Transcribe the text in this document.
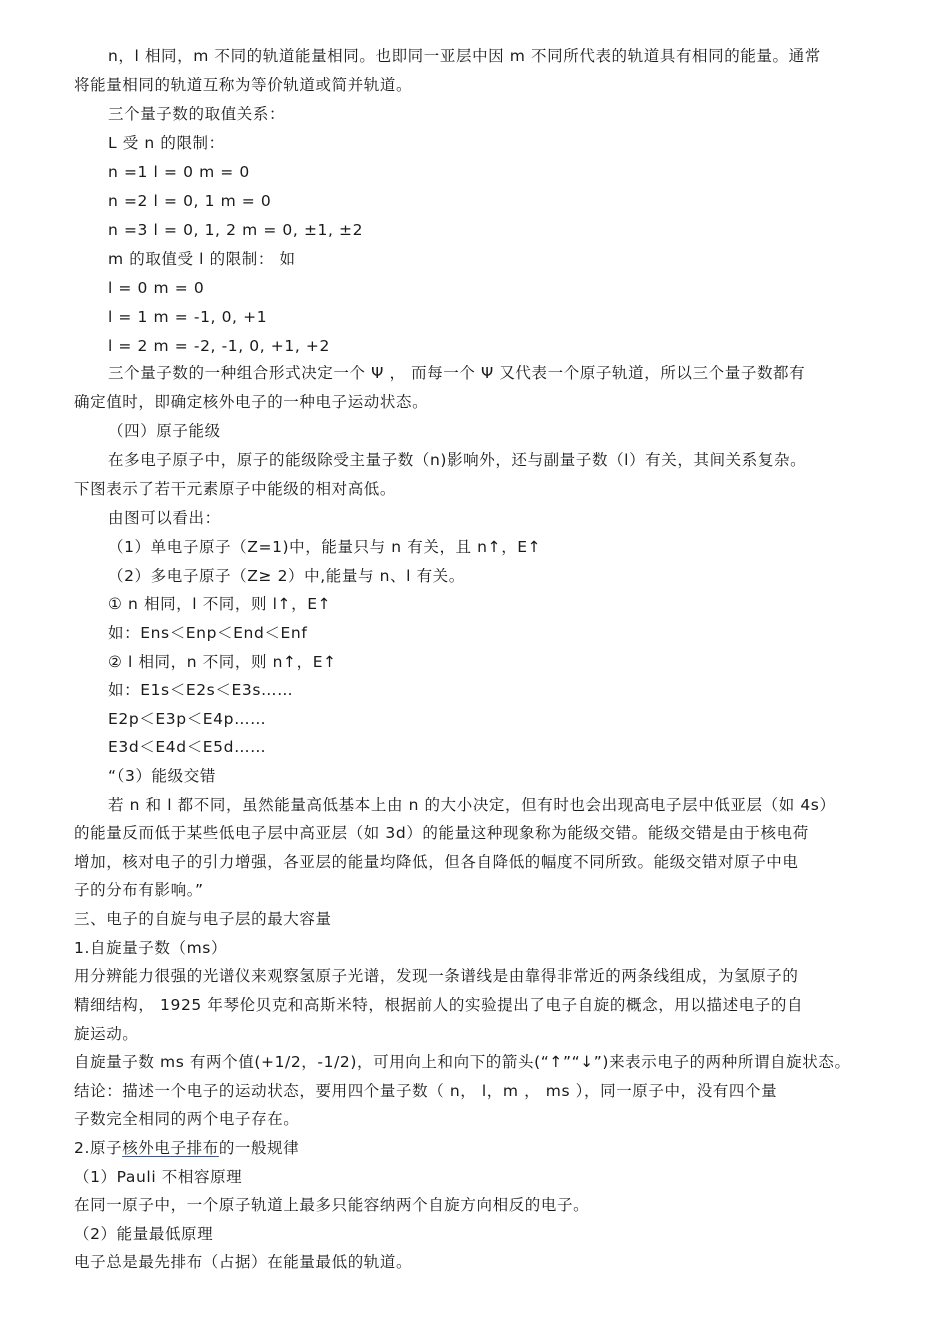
n，l 相同，m 不同的轨道能量相同。也即同一亚层中因 m 不同所代表的轨道具有相同的能量。通常
将能量相同的轨道互称为等价轨道或简并轨道。
三个量子数的取值关系：
L 受 n 的限制：
n =1 l = 0 m = 0
n =2 l = 0, 1 m = 0
n =3 l = 0, 1, 2 m = 0, ±1, ±2
m 的取值受 l 的限制： 如
l = 0 m = 0
l = 1 m = -1, 0, +1
l = 2 m = -2, -1, 0, +1, +2
三个量子数的一种组合形式决定一个 Ψ ， 而每一个 Ψ 又代表一个原子轨道，所以三个量子数都有
确定值时，即确定核外电子的一种电子运动状态。
（四）原子能级
在多电子原子中，原子的能级除受主量子数（n)影响外，还与副量子数（l）有关，其间关系复杂。
下图表示了若干元素原子中能级的相对高低。
由图可以看出：
（1）单电子原子（Z=1)中，能量只与 n 有关，且 n↑，E↑
（2）多电子原子（Z≥ 2）中,能量与 n、l 有关。
① n 相同，l 不同，则 l↑，E↑
如：Ens＜Enp＜End＜Enf
② l 相同，n 不同，则 n↑，E↑
如：E1s＜E2s＜E3s……
E2p＜E3p＜E4p……
E3d＜E4d＜E5d……
“（3）能级交错
若 n 和 l 都不同，虽然能量高低基本上由 n 的大小决定，但有时也会出现高电子层中低亚层（如 4s）
的能量反而低于某些低电子层中高亚层（如 3d）的能量这种现象称为能级交错。能级交错是由于核电荷
增加，核对电子的引力增强，各亚层的能量均降低，但各自降低的幅度不同所致。能级交错对原子中电
子的分布有影响。”
三、电子的自旋与电子层的最大容量
1.自旋量子数（ms）
用分辨能力很强的光谱仪来观察氢原子光谱，发现一条谱线是由靠得非常近的两条线组成，为氢原子的
精细结构， 1925 年琴伦贝克和高斯米特，根据前人的实验提出了电子自旋的概念，用以描述电子的自
旋运动。
自旋量子数 ms 有两个值(+1/2，-1/2)，可用向上和向下的箭头(“↑”“↓”)来表示电子的两种所谓自旋状态。
结论：描述一个电子的运动状态，要用四个量子数（ n， l，m ， ms ），同一原子中，没有四个量
子数完全相同的两个电子存在。
2.原子核外电子排布的一般规律
（1）Pauli 不相容原理
在同一原子中，一个原子轨道上最多只能容纳两个自旋方向相反的电子。
（2）能量最低原理
电子总是最先排布（占据）在能量最低的轨道。
